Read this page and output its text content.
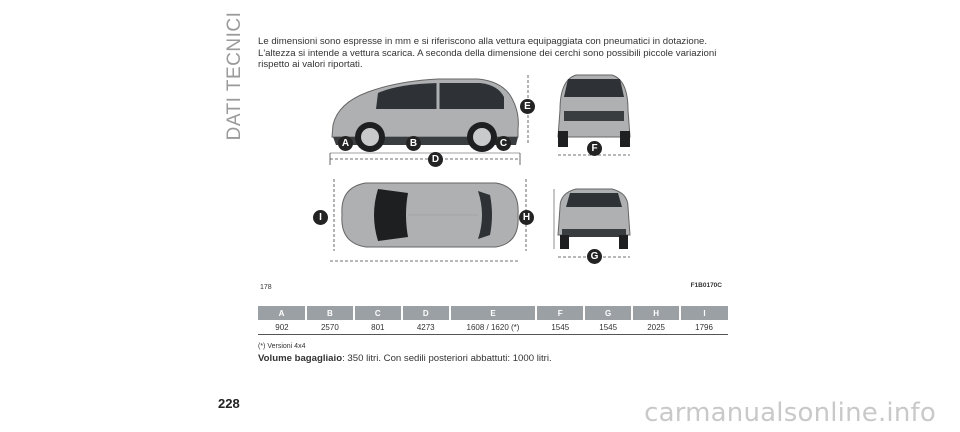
DATI TECNICI Le dimensioni sono espresse in mm e si riferiscono alla vettura equipaggiata con pneumatici in dotazione. L'altezza si intende a vettura scarica. A seconda della dimensione dei cerchi sono possibili piccole variazioni rispetto ai valori riportati.
A	B	C
D
E
F
G
H
I
178	F1B0170C
A	B	C	D	E	F	G	H	I
902	2570	801	4273	1608 / 1620 (*)	1545	1545	2025	1796
(*) Versioni 4x4
Volume bagagliaio: 350 litri. Con sedili posteriori abbattuti: 1000 litri.
228	carmanualsonline.info
